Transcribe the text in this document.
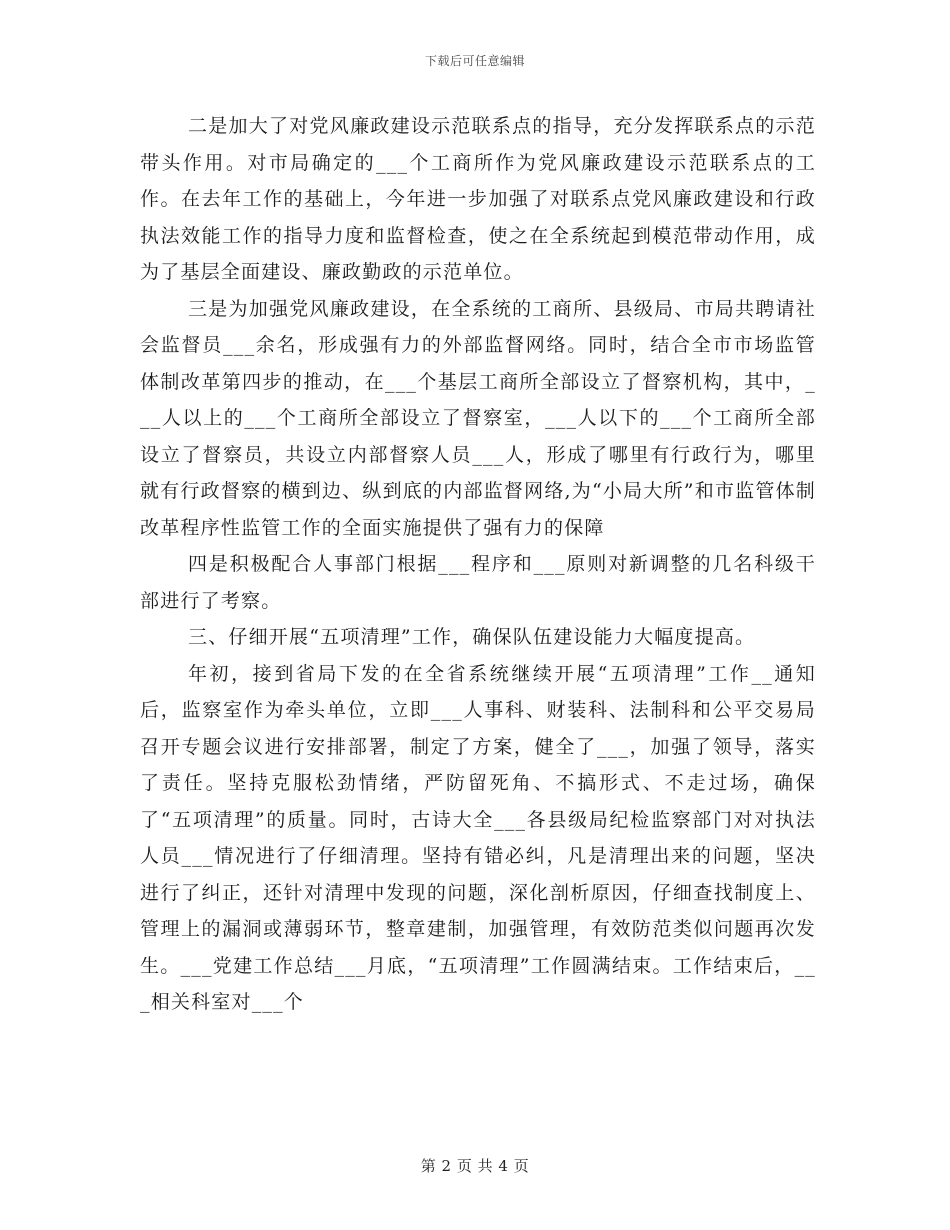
下载后可任意编辑

二是加大了对党风廉政建设示范联系点的指导，充分发挥联系点的示范带头作用。对市局确定的___个工商所作为党风廉政建设示范联系点的工作。在去年工作的基础上，今年进一步加强了对联系点党风廉政建设和行政执法效能工作的指导力度和监督检查，使之在全系统起到模范带动作用，成为了基层全面建设、廉政勤政的示范单位。

三是为加强党风廉政建设，在全系统的工商所、县级局、市局共聘请社会监督员___余名，形成强有力的外部监督网络。同时，结合全市市场监管体制改革第四步的推动，在___个基层工商所全部设立了督察机构，其中，___人以上的___个工商所全部设立了督察室，___人以下的___个工商所全部设立了督察员，共设立内部督察人员___人，形成了哪里有行政行为，哪里就有行政督察的横到边、纵到底的内部监督网络,为“小局大所”和市监管体制改革程序性监管工作的全面实施提供了强有力的保障

四是积极配合人事部门根据___程序和___原则对新调整的几名科级干部进行了考察。

三、仔细开展“五项清理”工作，确保队伍建设能力大幅度提高。

年初，接到省局下发的在全省系统继续开展“五项清理”工作__通知后，监察室作为牵头单位，立即___人事科、财装科、法制科和公平交易局召开专题会议进行安排部署，制定了方案，健全了___，加强了领导，落实了责任。坚持克服松劲情绪，严防留死角、不搞形式、不走过场，确保了“五项清理”的质量。同时，古诗大全___各县级局纪检监察部门对对执法人员___情况进行了仔细清理。坚持有错必纠，凡是清理出来的问题，坚决进行了纠正，还针对清理中发现的问题，深化剖析原因，仔细查找制度上、管理上的漏洞或薄弱环节，整章建制，加强管理，有效防范类似问题再次发生。___党建工作总结___月底，“五项清理”工作圆满结束。工作结束后，___相关科室对___个

第 2 页 共 4 页
